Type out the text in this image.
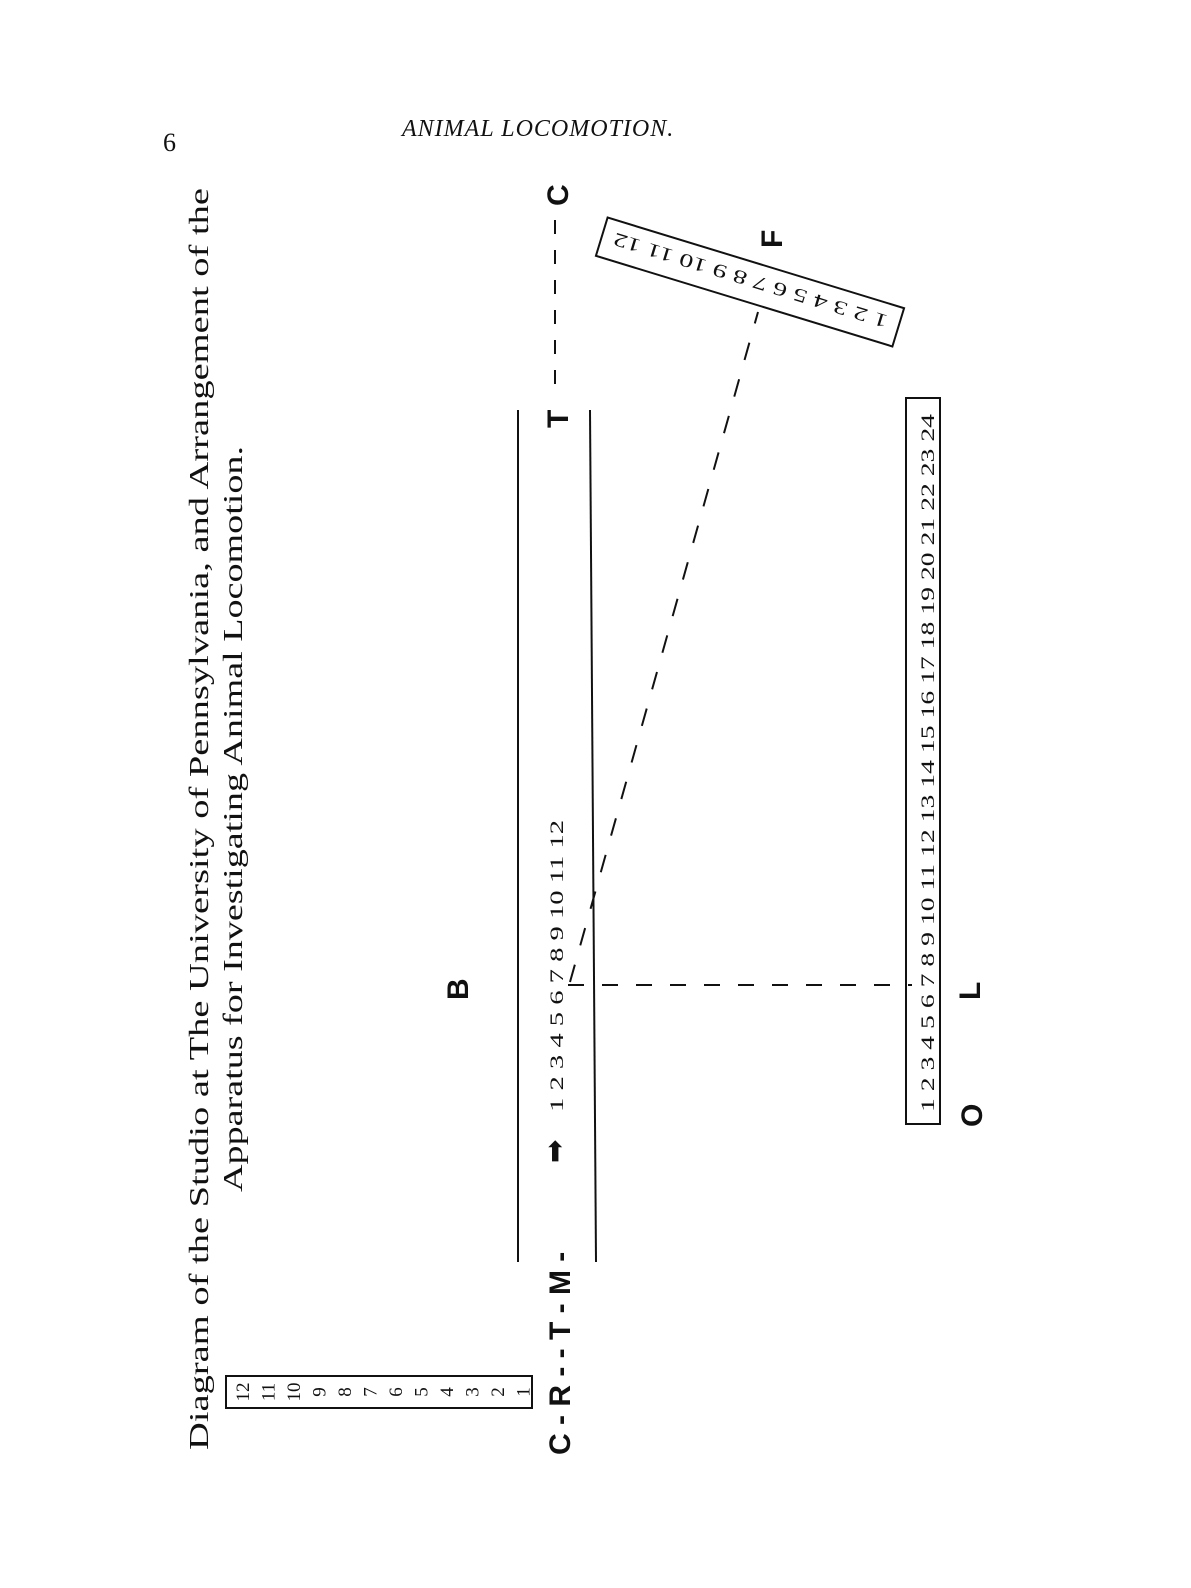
6	ANIMAL LOCOMOTION.
Diagram of the Studio at The University of Pennsylvania, and Arrangement of the Apparatus for Investigating Animal Locomotion.
T
C
C - R - - T - M -
➡
1 2 3 4 5 6 7 8 9 10 11 12
B
12 11 10 9 8 7 6 5 4 3 2 1
1 2 3 4 5 6 7 8 9 10 11 12 13 14 15 16 17 18 19 20 21 22 23 24 L
O
1 2 3 4 5 6 7 8 9 10 11 12
F
